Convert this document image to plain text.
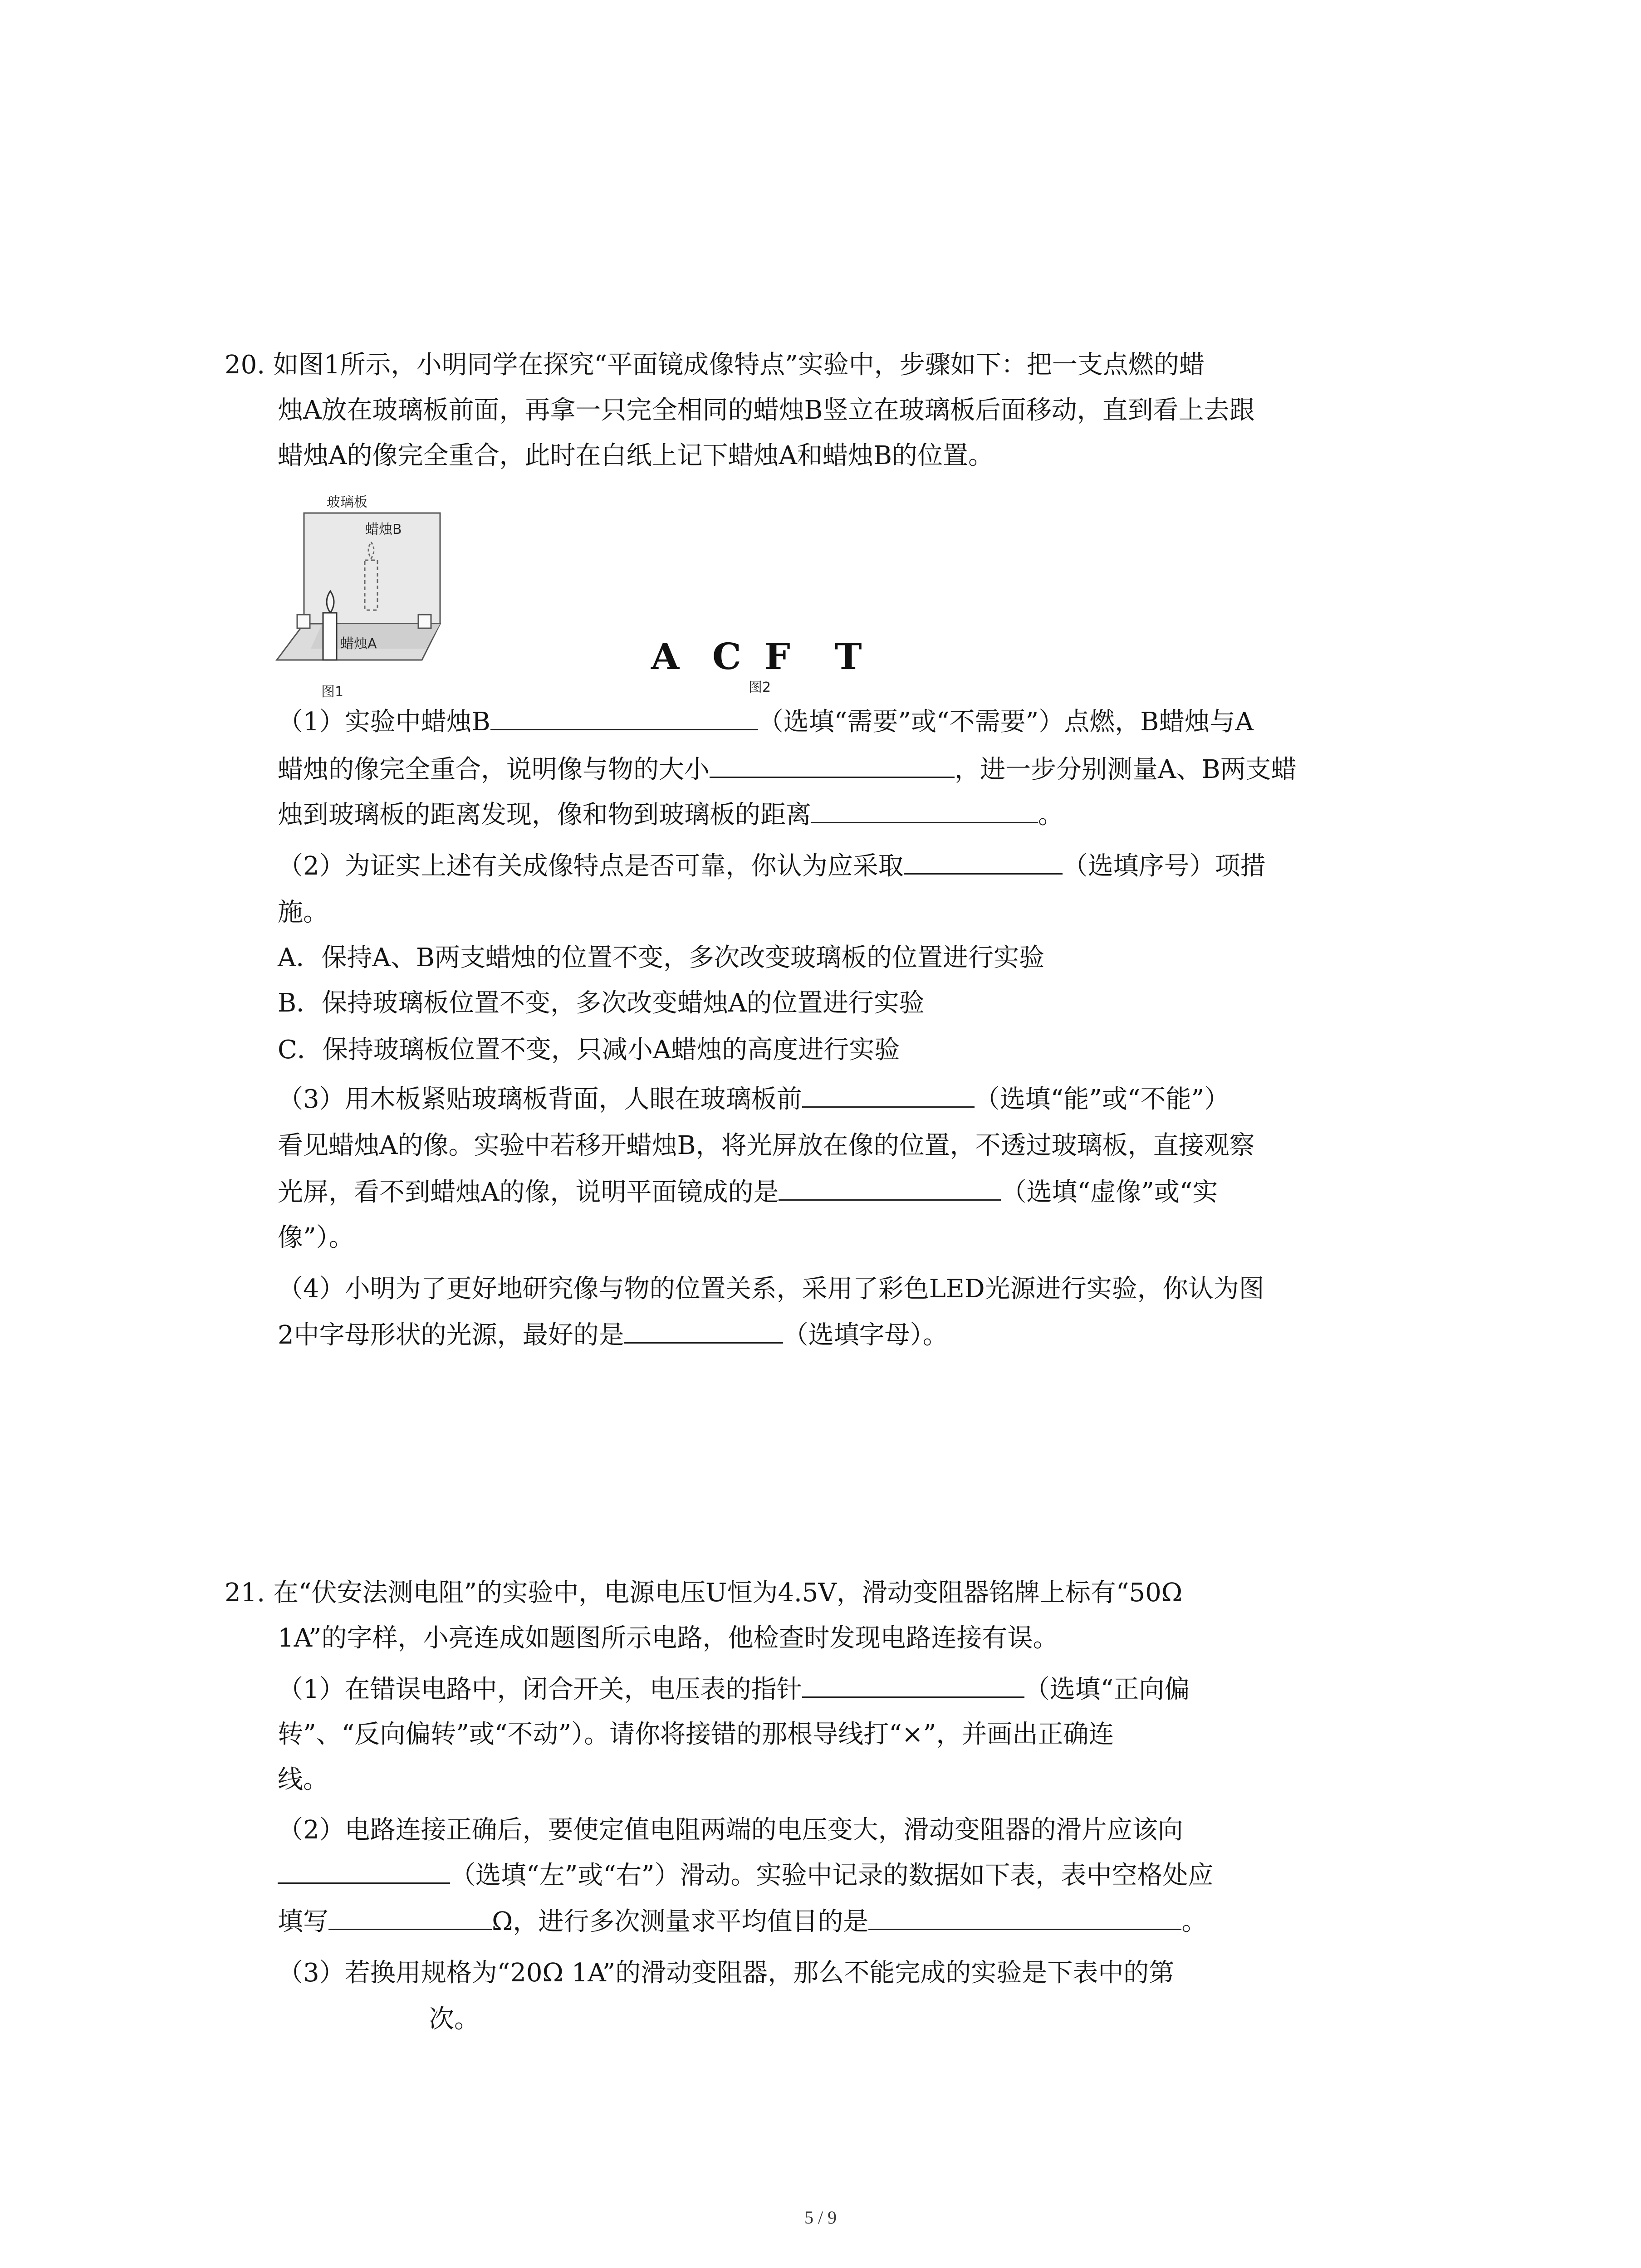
20. 如图1所示，小明同学在探究“平面镜成像特点”实验中，步骤如下：把一支点燃的蜡
烛A放在玻璃板前面，再拿一只完全相同的蜡烛B竖立在玻璃板后面移动，直到看上去跟
蜡烛A的像完全重合，此时在白纸上记下蜡烛A和蜡烛B的位置。
玻璃板
蜡烛B
蜡烛A
图1
A C F T
图2
（1）实验中蜡烛B	（选填“需要”或“不需要”）点燃，B蜡烛与A
蜡烛的像完全重合，说明像与物的大小	，进一步分别测量A、B两支蜡
烛到玻璃板的距离发现，像和物到玻璃板的距离	。
（2）为证实上述有关成像特点是否可靠，你认为应采取	（选填序号）项措
施。
A．保持A、B两支蜡烛的位置不变，多次改变玻璃板的位置进行实验
B．保持玻璃板位置不变，多次改变蜡烛A的位置进行实验
C．保持玻璃板位置不变，只减小A蜡烛的高度进行实验
（3）用木板紧贴玻璃板背面，人眼在玻璃板前	（选填“能”或“不能”）
看见蜡烛A的像。实验中若移开蜡烛B，将光屏放在像的位置，不透过玻璃板，直接观察
光屏，看不到蜡烛A的像，说明平面镜成的是	（选填“虚像”或“实
像”）。
（4）小明为了更好地研究像与物的位置关系，采用了彩色LED光源进行实验，你认为图
2中字母形状的光源，最好的是	（选填字母）。
21. 在“伏安法测电阻”的实验中，电源电压U恒为4.5V，滑动变阻器铭牌上标有“50Ω
1A”的字样，小亮连成如题图所示电路，他检查时发现电路连接有误。
（1）在错误电路中，闭合开关，电压表的指针	（选填“正向偏
转”、“反向偏转”或“不动”）。请你将接错的那根导线打“×”，并画出正确连
线。
（2）电路连接正确后，要使定值电阻两端的电压变大，滑动变阻器的滑片应该向
（选填“左”或“右”）滑动。实验中记录的数据如下表，表中空格处应
填写	Ω，进行多次测量求平均值目的是	。
（3）若换用规格为“20Ω 1A”的滑动变阻器，那么不能完成的实验是下表中的第
次。
5 / 9
